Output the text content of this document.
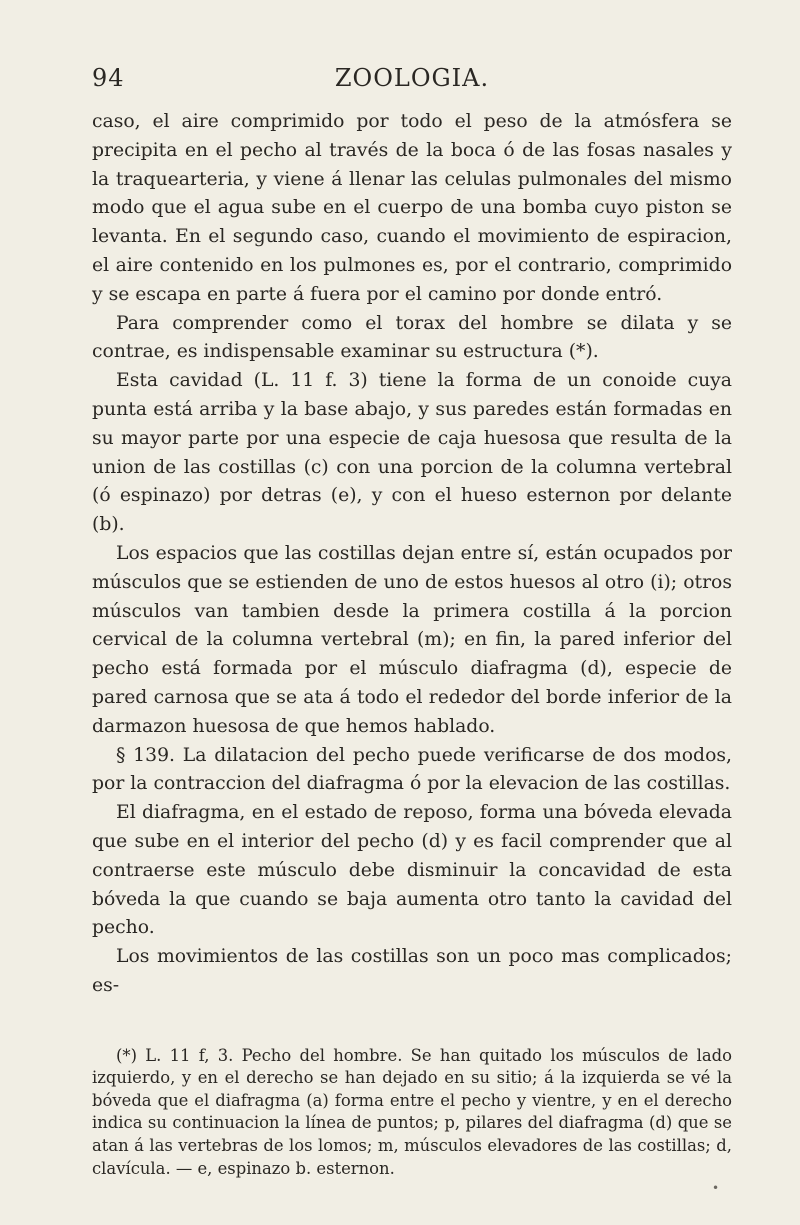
94	ZOOLOGIA.

caso, el aire comprimido por todo el peso de la atmósfera se precipita en el pecho al través de la boca ó de las fosas nasales y la traquearteria, y viene á llenar las celulas pulmonales del mismo modo que el agua sube en el cuerpo de una bomba cuyo piston se levanta. En el segundo caso, cuando el movimiento de espiracion, el aire contenido en los pulmones es, por el contrario, comprimido y se escapa en parte á fuera por el camino por donde entró.

Para comprender como el torax del hombre se dilata y se contrae, es indispensable examinar su estructura (*).

Esta cavidad (L. 11 f. 3) tiene la forma de un conoide cuya punta está arriba y la base abajo, y sus paredes están formadas en su mayor parte por una especie de caja huesosa que resulta de la union de las costillas (c) con una porcion de la columna vertebral (ó espinazo) por detras (e), y con el hueso esternon por delante (b).

Los espacios que las costillas dejan entre sí, están ocupados por músculos que se estienden de uno de estos huesos al otro (i); otros músculos van tambien desde la primera costilla á la porcion cervical de la columna vertebral (m); en fin, la pared inferior del pecho está formada por el músculo diafragma (d), especie de pared carnosa que se ata á todo el rededor del borde inferior de la darmazon huesosa de que hemos hablado.

§ 139. La dilatacion del pecho puede verificarse de dos modos, por la contraccion del diafragma ó por la elevacion de las costillas.

El diafragma, en el estado de reposo, forma una bóveda elevada que sube en el interior del pecho (d) y es facil comprender que al contraerse este músculo debe disminuir la concavidad de esta bóveda la que cuando se baja aumenta otro tanto la cavidad del pecho.

Los movimientos de las costillas son un poco mas complicados; es-

(*) L. 11 f, 3. Pecho del hombre. Se han quitado los músculos de lado izquierdo, y en el derecho se han dejado en su sitio; á la izquierda se vé la bóveda que el diafragma (a) forma entre el pecho y vientre, y en el derecho indica su continuacion la línea de puntos; p, pilares del diafragma (d) que se atan á las vertebras de los lomos; m, músculos elevadores de las costillas; d, clavícula. — e, espinazo b. esternon.

•
